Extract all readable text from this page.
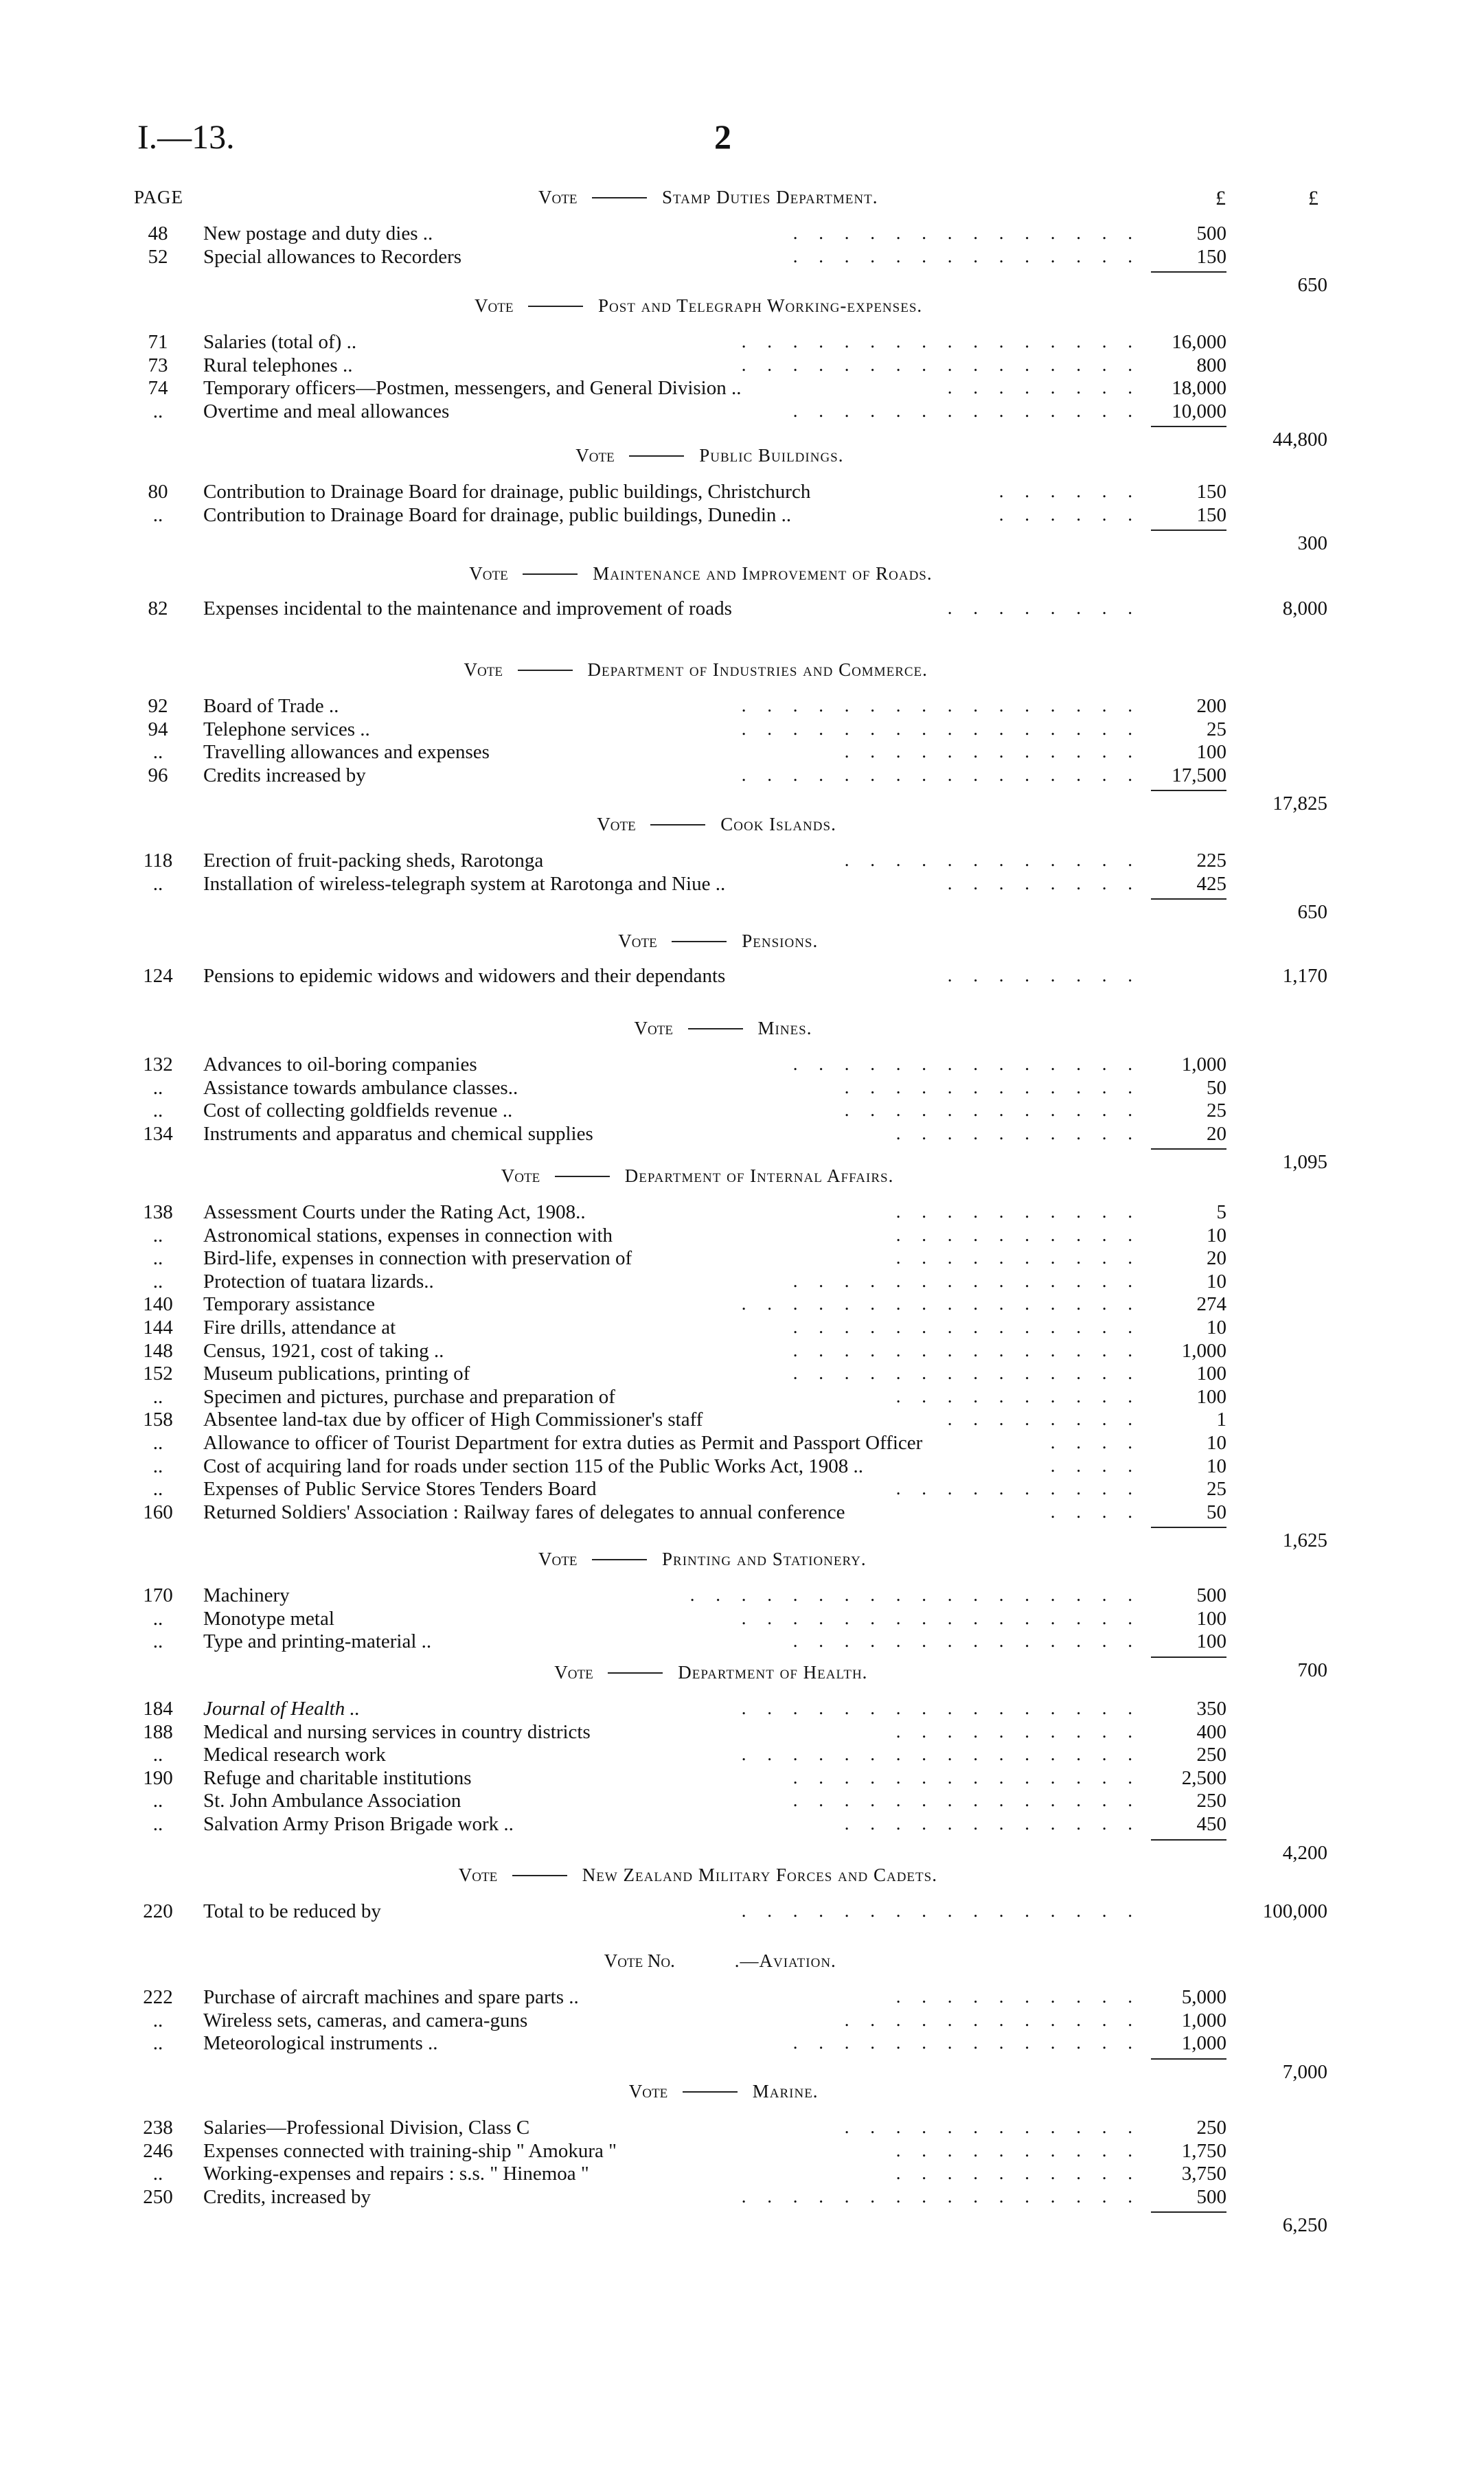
I.—13.	2
PAGE	£	£
Vote	Stamp Duties Department.
48	New postage and duty dies ..	. . . . . . . . . . . . . .	500
52	Special allowances to Recorders	. . . . . . . . . . . . . .	150
650
Vote	Post and Telegraph Working-expenses.
71	Salaries (total of) ..	. . . . . . . . . . . . . . . .	16,000
73	Rural telephones ..	. . . . . . . . . . . . . . . .	800
74	Temporary officers—Postmen, messengers, and General Division ..	. . . . . . . .	18,000
..	Overtime and meal allowances	. . . . . . . . . . . . . .	10,000
44,800
Vote	Public Buildings.
80	Contribution to Drainage Board for drainage, public buildings, Christchurch	. . . . . .	150
..	Contribution to Drainage Board for drainage, public buildings, Dunedin ..	. . . . . .	150
300
Vote	Maintenance and Improvement of Roads.
82	Expenses incidental to the maintenance and improvement of roads	. . . . . . . .	8,000
Vote	Department of Industries and Commerce.
92	Board of Trade ..	. . . . . . . . . . . . . . . .	200
94	Telephone services ..	. . . . . . . . . . . . . . . .	25
..	Travelling allowances and expenses	. . . . . . . . . . . .	100
96	Credits increased by	. . . . . . . . . . . . . . . .	17,500
17,825
Vote	Cook Islands.
118	Erection of fruit-packing sheds, Rarotonga	. . . . . . . . . . . .	225
..	Installation of wireless-telegraph system at Rarotonga and Niue ..	. . . . . . . .	425
650
Vote	Pensions.
124	Pensions to epidemic widows and widowers and their dependants	. . . . . . . .	1,170
Vote	Mines.
132	Advances to oil-boring companies	. . . . . . . . . . . . . .	1,000
..	Assistance towards ambulance classes..	. . . . . . . . . . . .	50
..	Cost of collecting goldfields revenue ..	. . . . . . . . . . . .	25
134	Instruments and apparatus and chemical supplies	. . . . . . . . . .	20
1,095
Vote	Department of Internal Affairs.
138	Assessment Courts under the Rating Act, 1908..	. . . . . . . . . .	5
..	Astronomical stations, expenses in connection with	. . . . . . . . . .	10
..	Bird-life, expenses in connection with preservation of	. . . . . . . . . .	20
..	Protection of tuatara lizards..	. . . . . . . . . . . . . .	10
140	Temporary assistance	. . . . . . . . . . . . . . . .	274
144	Fire drills, attendance at	. . . . . . . . . . . . . .	10
148	Census, 1921, cost of taking ..	. . . . . . . . . . . . . .	1,000
152	Museum publications, printing of	. . . . . . . . . . . . . .	100
..	Specimen and pictures, purchase and preparation of	. . . . . . . . . .	100
158	Absentee land-tax due by officer of High Commissioner's staff	. . . . . . . .	1
..	Allowance to officer of Tourist Department for extra duties as Permit and Passport Officer	. . . .	10
..	Cost of acquiring land for roads under section 115 of the Public Works Act, 1908 ..	. . . .	10
..	Expenses of Public Service Stores Tenders Board	. . . . . . . . . .	25
160	Returned Soldiers' Association : Railway fares of delegates to annual conference	. . . .	50
1,625
Vote	Printing and Stationery.
170	Machinery	. . . . . . . . . . . . . . . . . .	500
..	Monotype metal	. . . . . . . . . . . . . . . .	100
..	Type and printing-material ..	. . . . . . . . . . . . . .	100
700
Vote	Department of Health.
184	Journal of Health ..	. . . . . . . . . . . . . . . .	350
188	Medical and nursing services in country districts	. . . . . . . . . .	400
..	Medical research work	. . . . . . . . . . . . . . . .	250
190	Refuge and charitable institutions	. . . . . . . . . . . . . .	2,500
..	St. John Ambulance Association	. . . . . . . . . . . . . .	250
..	Salvation Army Prison Brigade work ..	. . . . . . . . . . . .	450
4,200
Vote	New Zealand Military Forces and Cadets.
220	Total to be reduced by	. . . . . . . . . . . . . . . .	100,000
Vote No.	.—Aviation.
222	Purchase of aircraft machines and spare parts ..	. . . . . . . . . .	5,000
..	Wireless sets, cameras, and camera-guns	. . . . . . . . . . . .	1,000
..	Meteorological instruments ..	. . . . . . . . . . . . . .	1,000
7,000
Vote	Marine.
238	Salaries—Professional Division, Class C	. . . . . . . . . . . .	250
246	Expenses connected with training-ship " Amokura "	. . . . . . . . . .	1,750
..	Working-expenses and repairs : s.s. " Hinemoa "	. . . . . . . . . .	3,750
250	Credits, increased by	. . . . . . . . . . . . . . . .	500
6,250
